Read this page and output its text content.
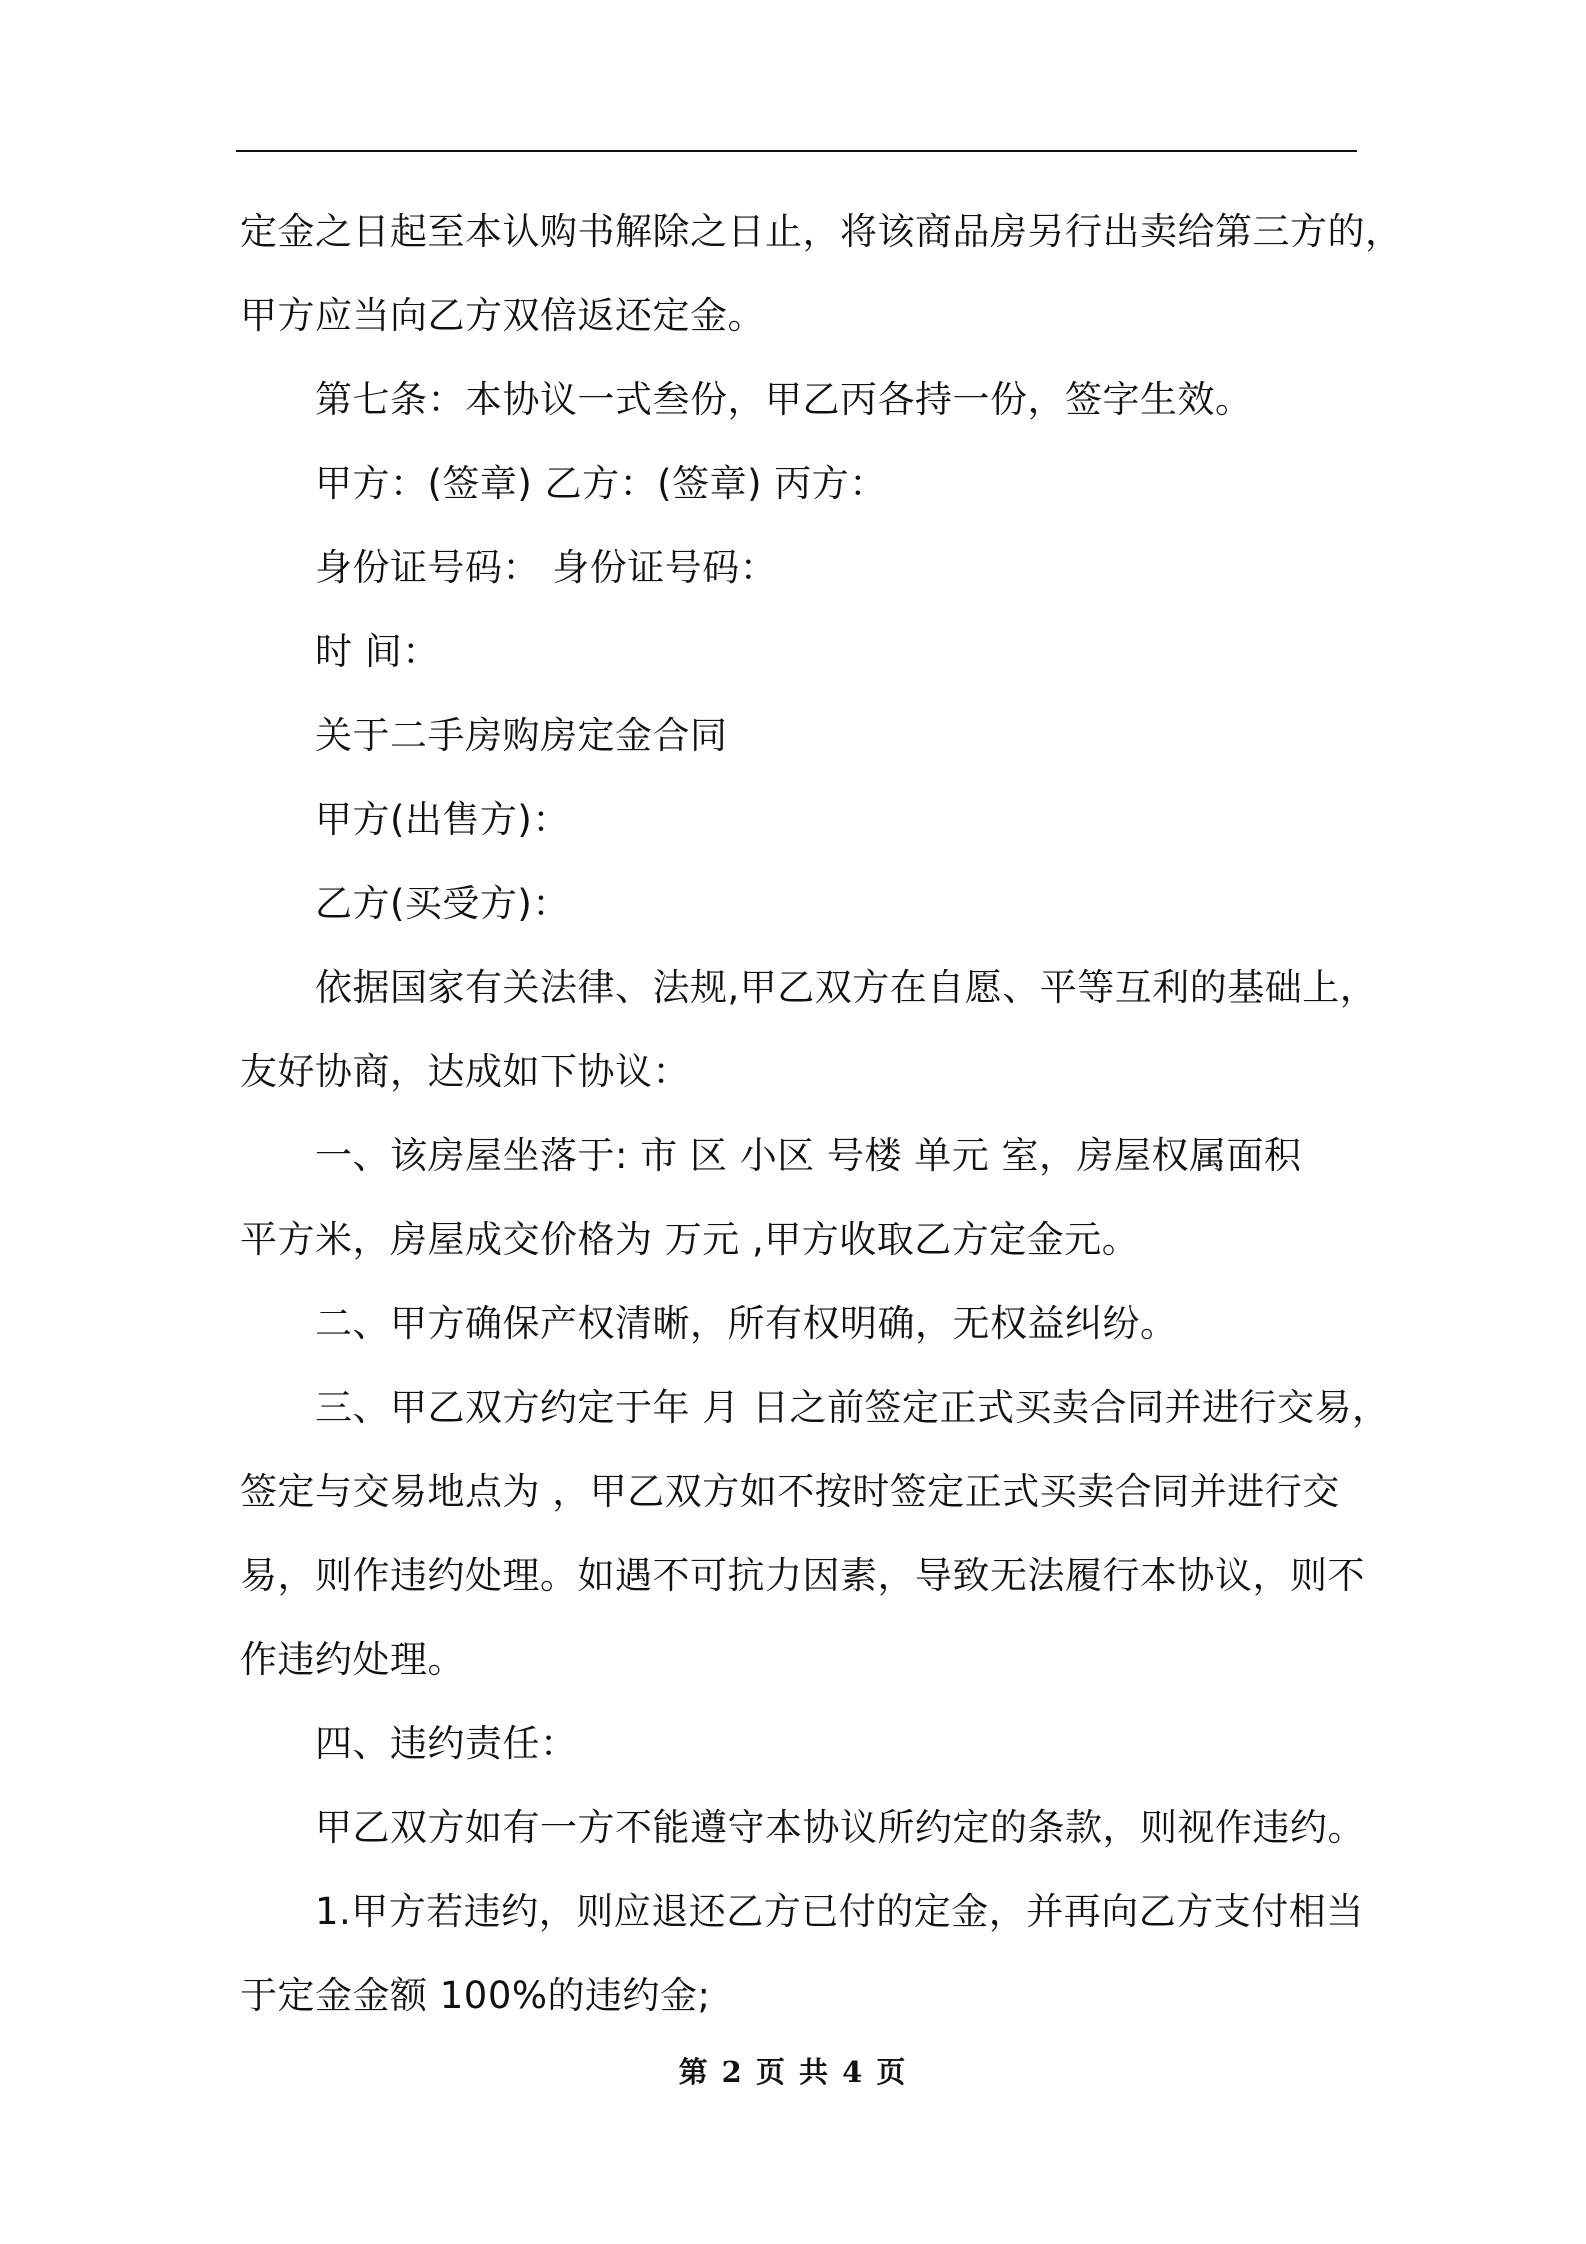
定金之日起至本认购书解除之日止，将该商品房另行出卖给第三方的，
甲方应当向乙方双倍返还定金。
第七条：本协议一式叁份，甲乙丙各持一份，签字生效。
甲方：(签章) 乙方：(签章) 丙方：
身份证号码： 身份证号码：
时 间：
关于二手房购房定金合同
甲方(出售方)：
乙方(买受方)：
依据国家有关法律、法规,甲乙双方在自愿、平等互利的基础上，
友好协商，达成如下协议：
一、该房屋坐落于: 市 区 小区 号楼 单元 室，房屋权属面积
平方米，房屋成交价格为 万元 ,甲方收取乙方定金元。
二、甲方确保产权清晰，所有权明确，无权益纠纷。
三、甲乙双方约定于年 月 日之前签定正式买卖合同并进行交易，
签定与交易地点为 ，甲乙双方如不按时签定正式买卖合同并进行交
易，则作违约处理。如遇不可抗力因素，导致无法履行本协议，则不
作违约处理。
四、违约责任：
甲乙双方如有一方不能遵守本协议所约定的条款，则视作违约。
1.甲方若违约，则应退还乙方已付的定金，并再向乙方支付相当
于定金金额 100%的违约金;
第 2 页 共 4 页
